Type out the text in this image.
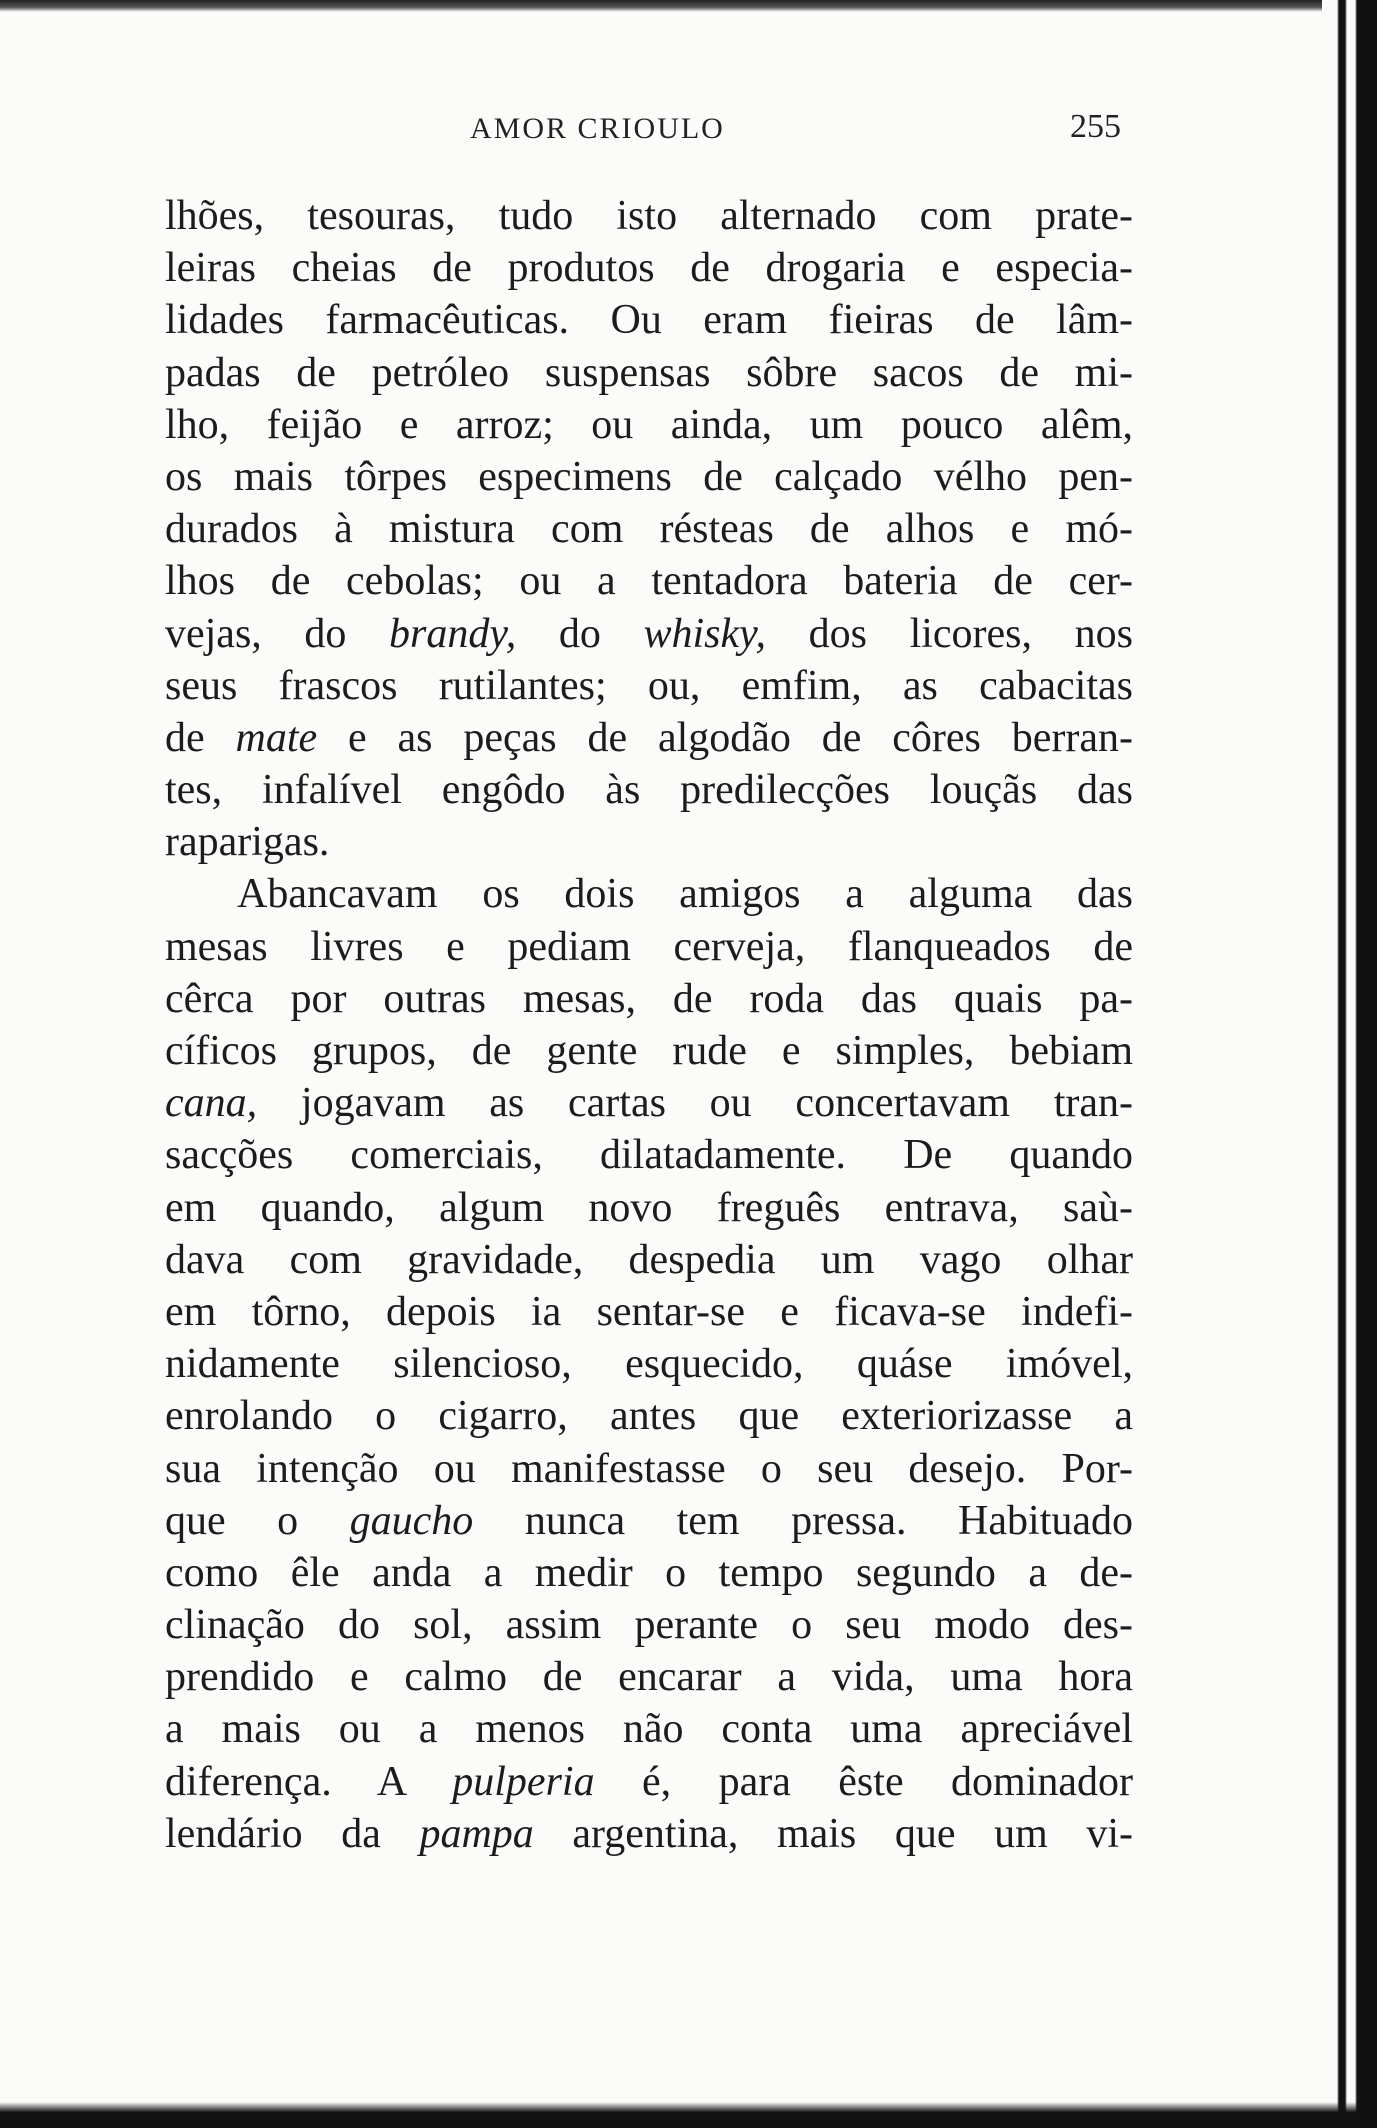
AMOR CRIOULO	255
lhões, tesouras, tudo isto alternado com prate-
leiras cheias de produtos de drogaria e especia-
lidades farmacêuticas. Ou eram fieiras de lâm-
padas de petróleo suspensas sôbre sacos de mi-
lho, feijão e arroz; ou ainda, um pouco alêm,
os mais tôrpes especimens de calçado vélho pen-
durados à mistura com résteas de alhos e mó-
lhos de cebolas; ou a tentadora bateria de cer-
vejas, do brandy, do whisky, dos licores, nos
seus frascos rutilantes; ou, emfim, as cabacitas
de mate e as peças de algodão de côres berran-
tes, infalível engôdo às predilecções louçãs das
raparigas.
Abancavam os dois amigos a alguma das
mesas livres e pediam cerveja, flanqueados de
cêrca por outras mesas, de roda das quais pa-
cíficos grupos, de gente rude e simples, bebiam
cana, jogavam as cartas ou concertavam tran-
sacções comerciais, dilatadamente. De quando
em quando, algum novo freguês entrava, saù-
dava com gravidade, despedia um vago olhar
em tôrno, depois ia sentar-se e ficava-se indefi-
nidamente silencioso, esquecido, quáse imóvel,
enrolando o cigarro, antes que exteriorizasse a
sua intenção ou manifestasse o seu desejo. Por-
que o gaucho nunca tem pressa. Habituado
como êle anda a medir o tempo segundo a de-
clinação do sol, assim perante o seu modo des-
prendido e calmo de encarar a vida, uma hora
a mais ou a menos não conta uma apreciável
diferença. A pulperia é, para êste dominador
lendário da pampa argentina, mais que um vi-
